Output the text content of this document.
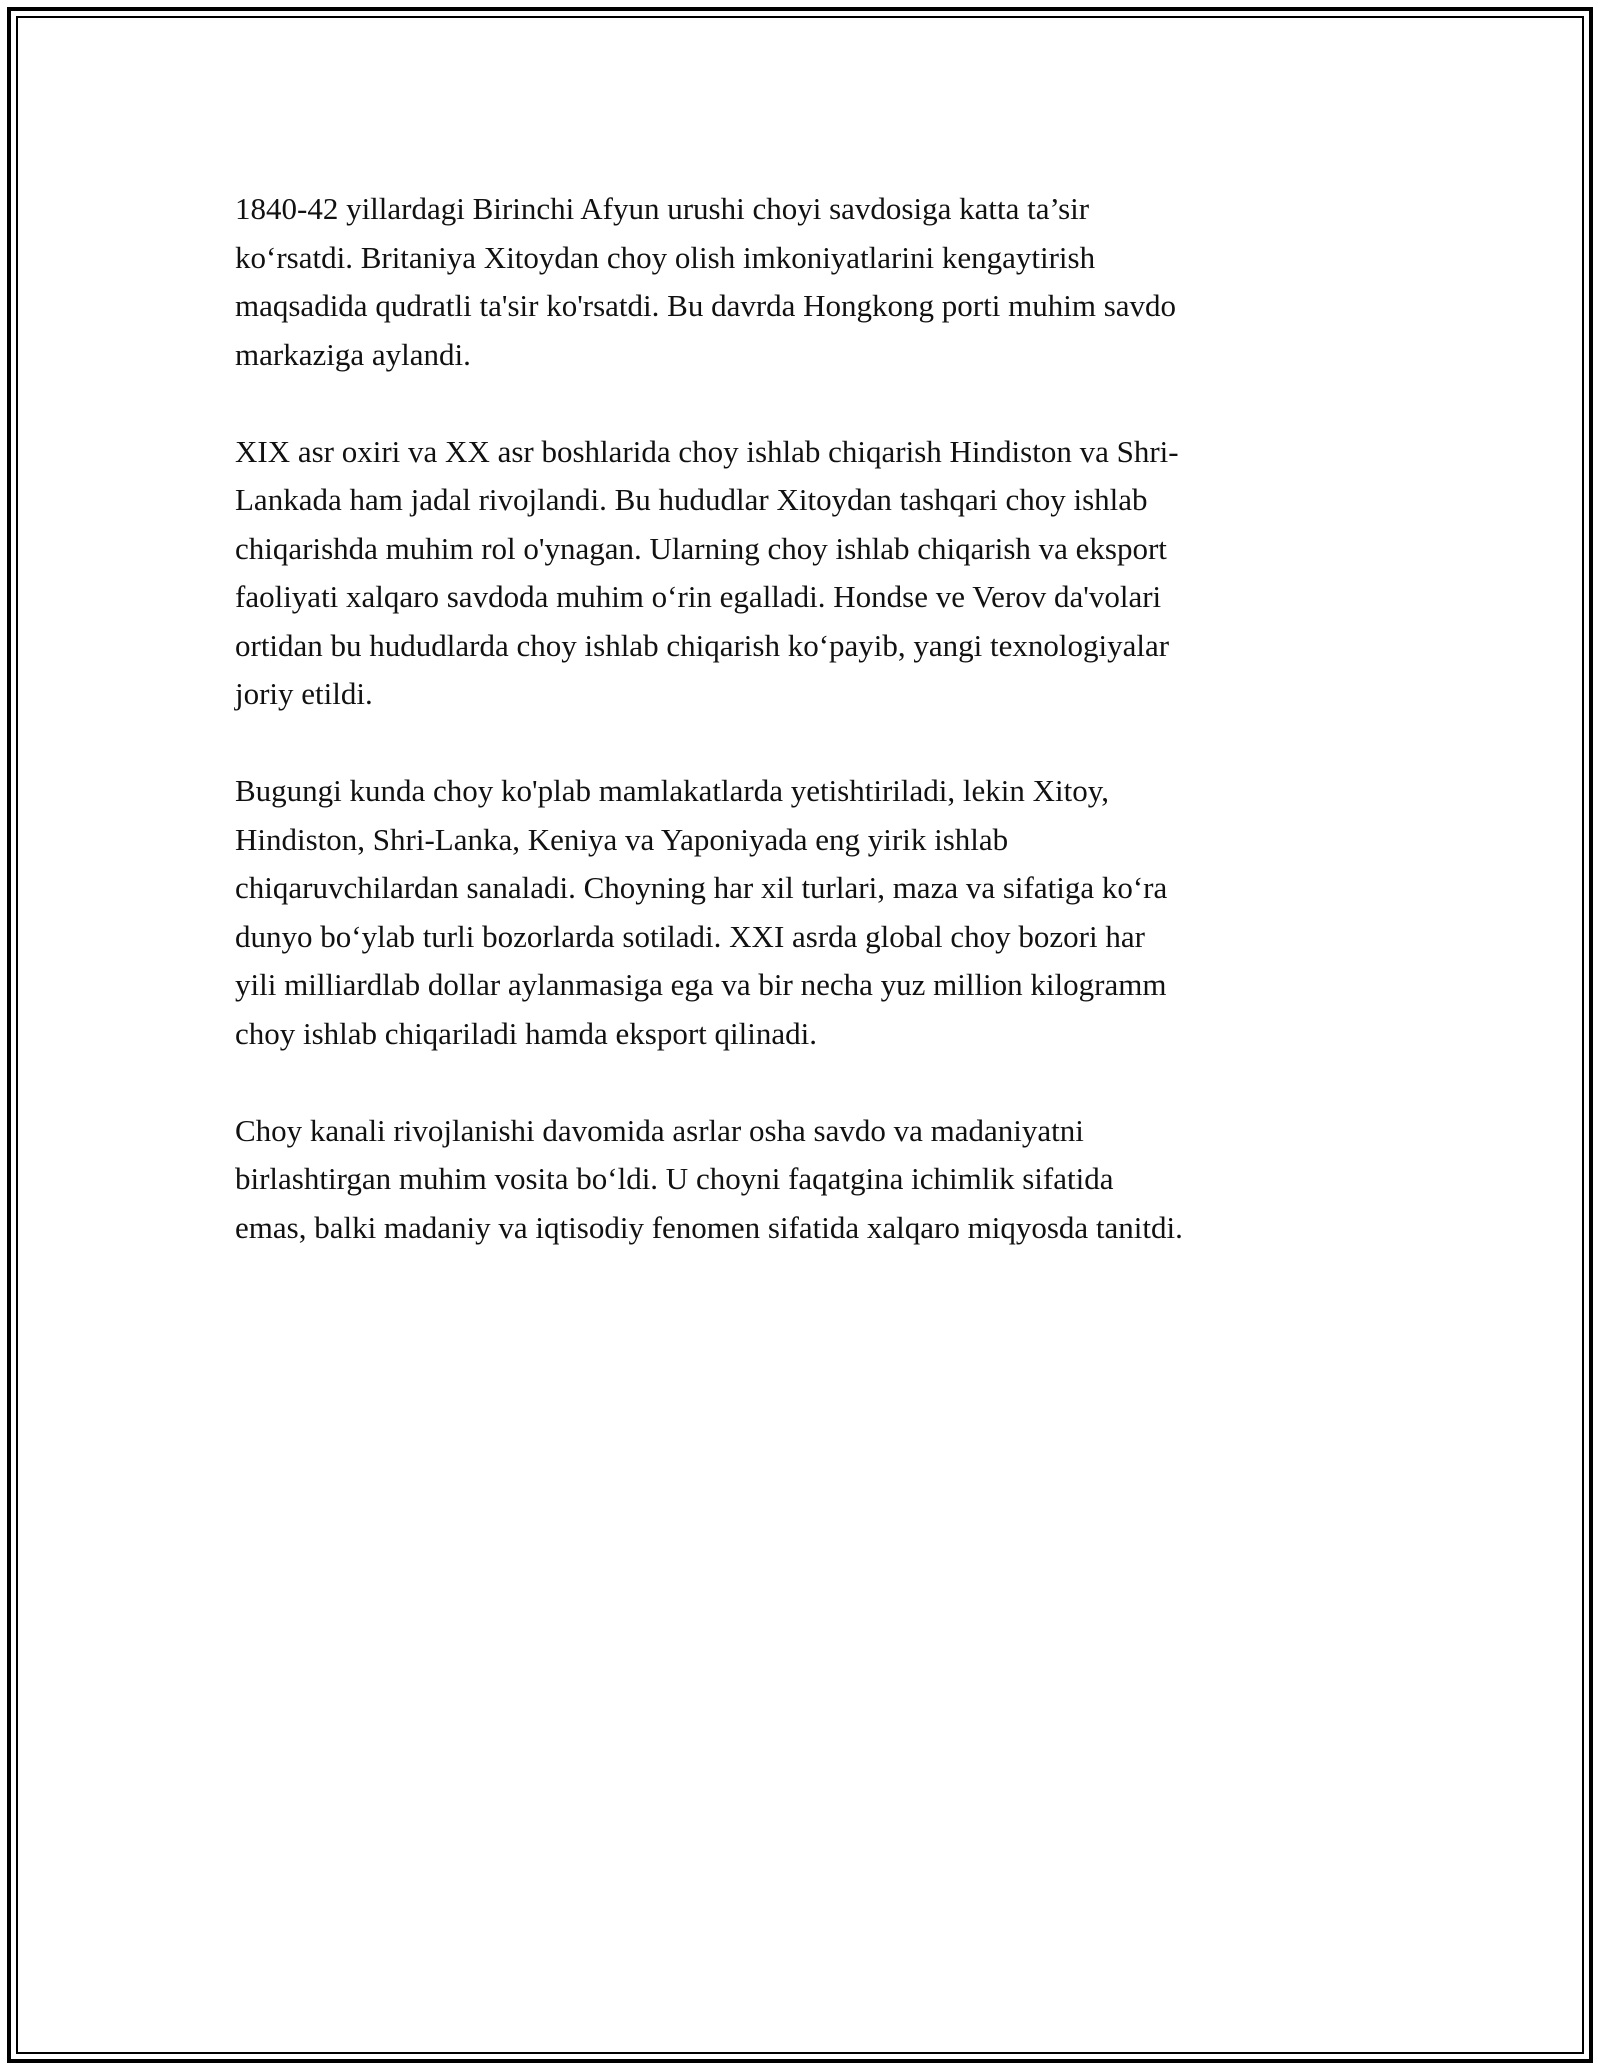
1840-42 yillardagi Birinchi Afyun urushi choyi savdosiga katta ta’sir
ko‘rsatdi. Britaniya Xitoydan choy olish imkoniyatlarini kengaytirish
maqsadida qudratli ta'sir ko'rsatdi. Bu davrda Hongkong porti muhim savdo
markaziga aylandi.

XIX asr oxiri va XX asr boshlarida choy ishlab chiqarish Hindiston va Shri-
Lankada ham jadal rivojlandi. Bu hududlar Xitoydan tashqari choy ishlab
chiqarishda muhim rol o'ynagan. Ularning choy ishlab chiqarish va eksport
faoliyati xalqaro savdoda muhim o‘rin egalladi. Hondse ve Verov da'volari
ortidan bu hududlarda choy ishlab chiqarish ko‘payib, yangi texnologiyalar
joriy etildi.

Bugungi kunda choy ko'plab mamlakatlarda yetishtiriladi, lekin Xitoy,
Hindiston, Shri-Lanka, Keniya va Yaponiyada eng yirik ishlab
chiqaruvchilardan sanaladi. Choyning har xil turlari, maza va sifatiga ko‘ra
dunyo bo‘ylab turli bozorlarda sotiladi. XXI asrda global choy bozori har
yili milliardlab dollar aylanmasiga ega va bir necha yuz million kilogramm
choy ishlab chiqariladi hamda eksport qilinadi.

Choy kanali rivojlanishi davomida asrlar osha savdo va madaniyatni
birlashtirgan muhim vosita bo‘ldi. U choyni faqatgina ichimlik sifatida
emas, balki madaniy va iqtisodiy fenomen sifatida xalqaro miqyosda tanitdi.
